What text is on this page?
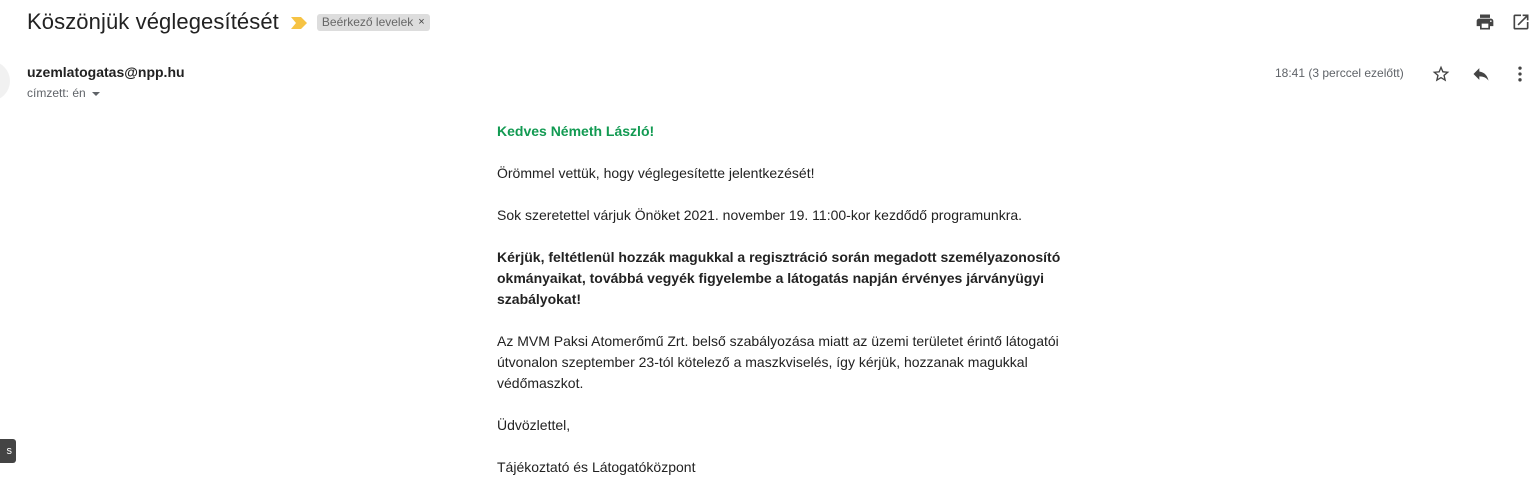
Köszönjük véglegesítését	Beérkező levelek ×
uzemlatogatas@npp.hu
címzett: én
18:41 (3 perccel ezelőtt)

Kedves Németh László!

Örömmel vettük, hogy véglegesítette jelentkezését!

Sok szeretettel várjuk Önöket 2021. november 19. 11:00-kor kezdődő programunkra.

Kérjük, feltétlenül hozzák magukkal a regisztráció során megadott személyazonosító okmányaikat, továbbá vegyék figyelembe a látogatás napján érvényes járványügyi szabályokat!

Az MVM Paksi Atomerőmű Zrt. belső szabályozása miatt az üzemi területet érintő látogatói útvonalon szeptember 23-tól kötelező a maszkviselés, így kérjük, hozzanak magukkal védőmaszkot.

Üdvözlettel,

Tájékoztató és Látogatóközpont

s
